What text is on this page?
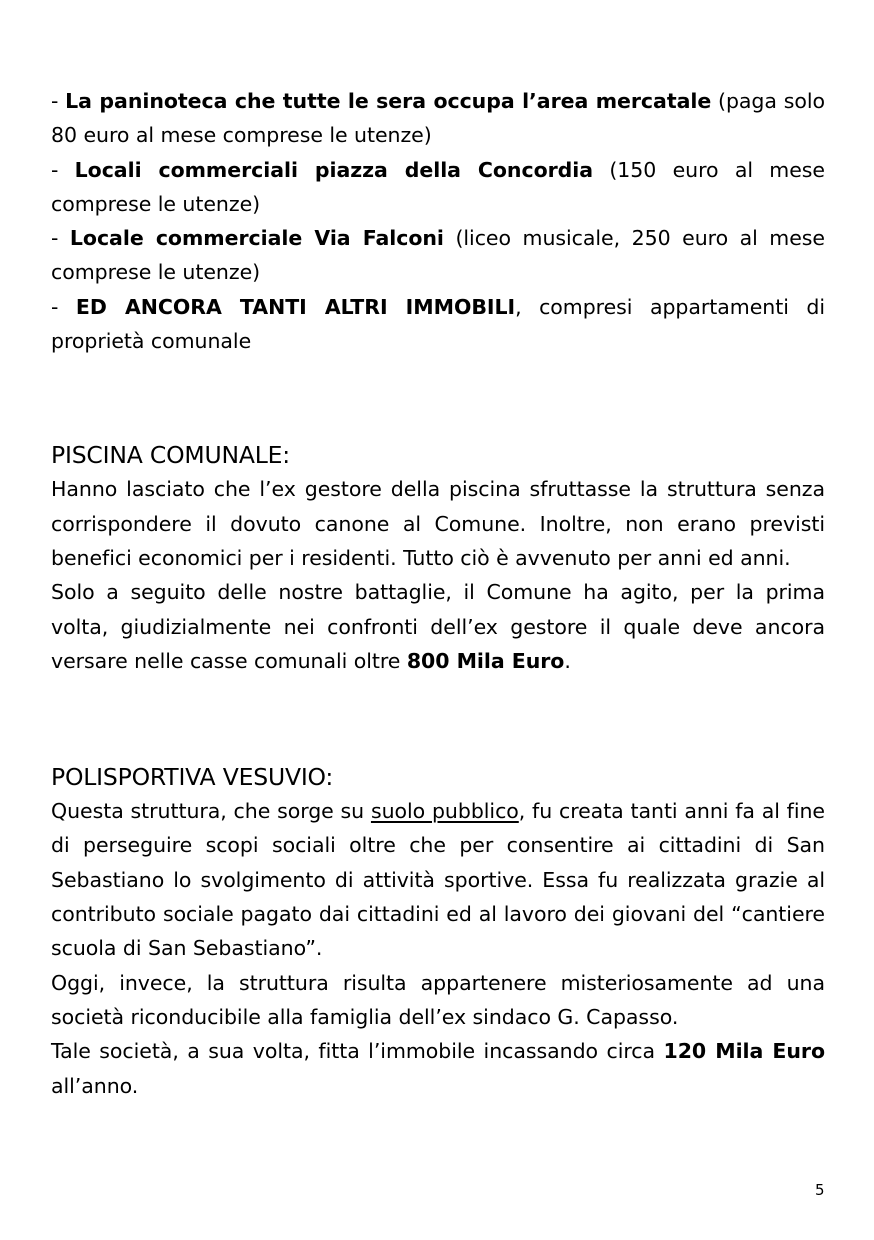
- La paninoteca che tutte le sera occupa l’area mercatale (paga solo 80 euro al mese comprese le utenze)

- Locali commerciali piazza della Concordia (150 euro al mese comprese le utenze)

- Locale commerciale Via Falconi (liceo musicale, 250 euro al mese comprese le utenze)

- ED ANCORA TANTI ALTRI IMMOBILI, compresi appartamenti di proprietà comunale

PISCINA COMUNALE:

Hanno lasciato che l’ex gestore della piscina sfruttasse la struttura senza corrispondere il dovuto canone al Comune. Inoltre, non erano previsti benefici economici per i residenti. Tutto ciò è avvenuto per anni ed anni.

Solo a seguito delle nostre battaglie, il Comune ha agito, per la prima volta, giudizialmente nei confronti dell’ex gestore il quale deve ancora versare nelle casse comunali oltre 800 Mila Euro.

POLISPORTIVA VESUVIO:

Questa struttura, che sorge su suolo pubblico, fu creata tanti anni fa al fine di perseguire scopi sociali oltre che per consentire ai cittadini di San Sebastiano lo svolgimento di attività sportive. Essa fu realizzata grazie al contributo sociale pagato dai cittadini ed al lavoro dei giovani del “cantiere scuola di San Sebastiano”.

Oggi, invece, la struttura risulta appartenere misteriosamente ad una società riconducibile alla famiglia dell’ex sindaco G. Capasso.

Tale società, a sua volta, fitta l’immobile incassando circa 120 Mila Euro all’anno.

5
